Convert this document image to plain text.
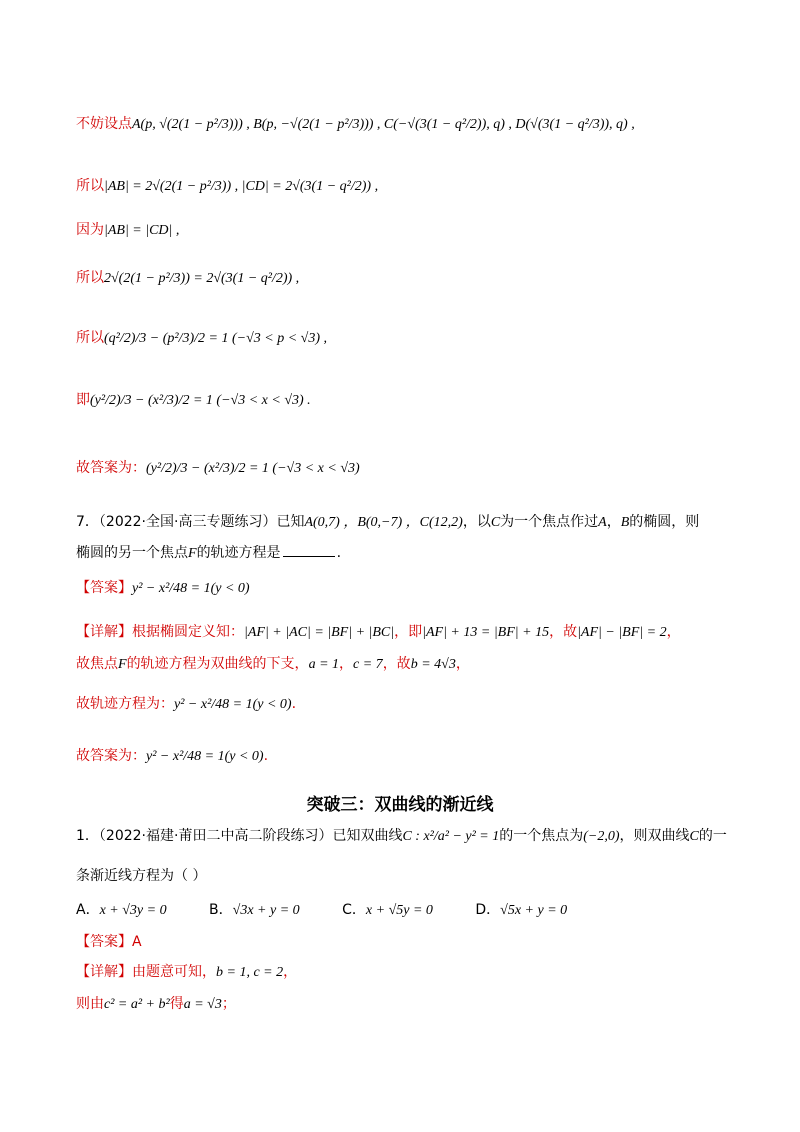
不妨设点A(p, √(2(1 − p²/3))) , B(p, −√(2(1 − p²/3))) , C(−√(3(1 − q²/2)), q) , D(√(3(1 − q²/3)), q) ,
所以|AB| = 2√(2(1 − p²/3)) , |CD| = 2√(3(1 − q²/2)) ,
因为|AB| = |CD| ,
所以2√(2(1 − p²/3)) = 2√(3(1 − q²/2)) ,
所以(q²/2)/3 − (p²/3)/2 = 1 (−√3 < p < √3) ,
即(y²/2)/3 − (x²/3)/2 = 1 (−√3 < x < √3) .
故答案为：(y²/2)/3 − (x²/3)/2 = 1 (−√3 < x < √3)
7．（2022·全国·高三专题练习）已知A(0,7) ，B(0,−7) ，C(12,2)，以C为一个焦点作过A，B的椭圆，则
椭圆的另一个焦点F的轨迹方程是	.
【答案】y² − x²/48 = 1(y < 0)
【详解】根据椭圆定义知：|AF| + |AC| = |BF| + |BC|，即|AF| + 13 = |BF| + 15，故|AF| − |BF| = 2，
故焦点F的轨迹方程为双曲线的下支，a = 1，c = 7，故b = 4√3，
故轨迹方程为：y² − x²/48 = 1(y < 0).
故答案为：y² − x²/48 = 1(y < 0).
突破三：双曲线的渐近线
1．（2022·福建·莆田二中高二阶段练习）已知双曲线C : x²/a² − y² = 1的一个焦点为(−2,0)，则双曲线C的一
条渐近线方程为（ ）
A．x + √3y = 0	B．√3x + y = 0	C．x + √5y = 0	D．√5x + y = 0
【答案】A
【详解】由题意可知，b = 1, c = 2，
则由c² = a² + b²得a = √3；
